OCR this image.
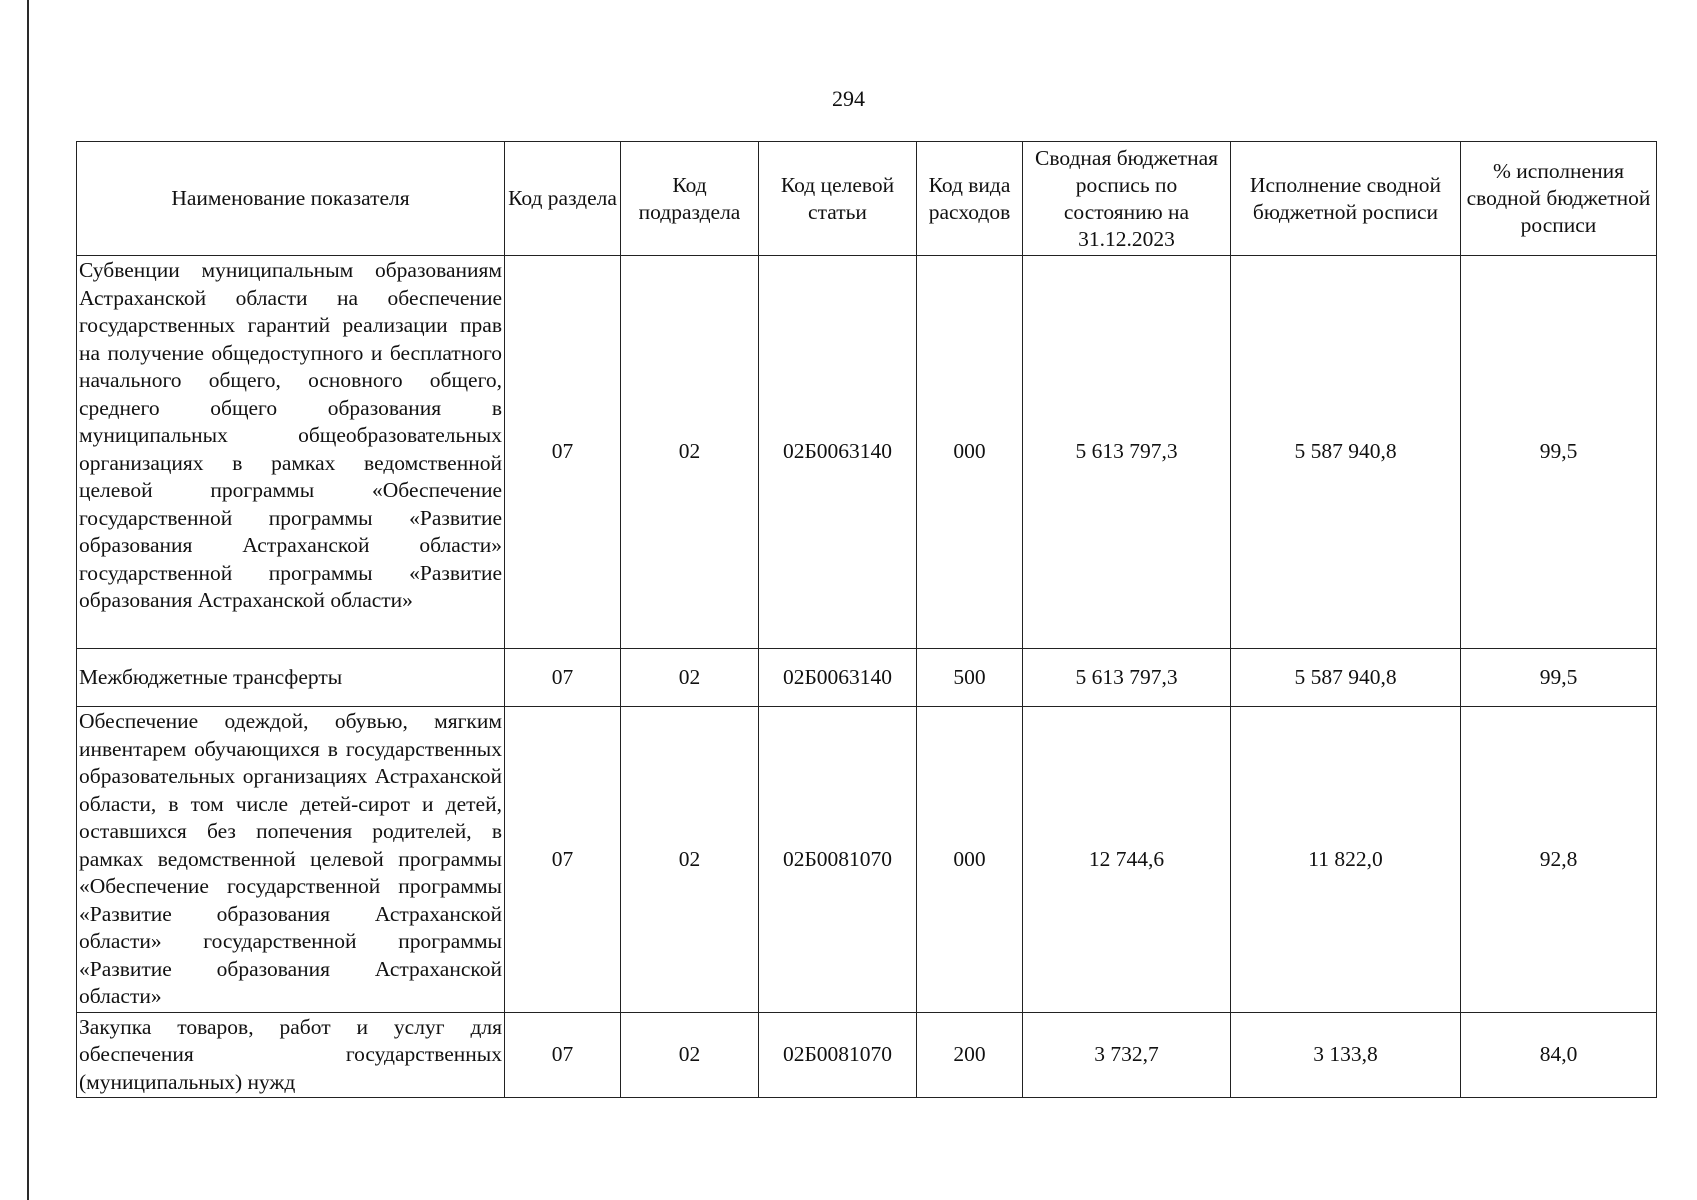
294
Наименование показателя	Код раздела	Код подраздела	Код целевой статьи	Код вида расходов	Сводная бюджетная роспись по состоянию на 31.12.2023	Исполнение сводной бюджетной росписи	% исполнения сводной бюджетной росписи
Субвенции муниципальным образованиям Астраханской области на обеспечение государственных гарантий реализации прав на получение общедоступного и бесплатного начального общего, основного общего, среднего общего образования в муниципальных общеобразовательных организациях в рамках ведомственной целевой программы «Обеспечение государственной программы «Развитие образования Астраханской области» государственной программы «Развитие образования Астраханской области»	07	02	02Б0063140	000	5 613 797,3	5 587 940,8	99,5
Межбюджетные трансферты	07	02	02Б0063140	500	5 613 797,3	5 587 940,8	99,5
Обеспечение одеждой, обувью, мягким инвентарем обучающихся в государственных образовательных организациях Астраханской области, в том числе детей-сирот и детей, оставшихся без попечения родителей, в рамках ведомственной целевой программы «Обеспечение государственной программы «Развитие образования Астраханской области» государственной программы «Развитие образования Астраханской области»	07	02	02Б0081070	000	12 744,6	11 822,0	92,8
Закупка товаров, работ и услуг для обеспечения государственных (муниципальных) нужд	07	02	02Б0081070	200	3 732,7	3 133,8	84,0
